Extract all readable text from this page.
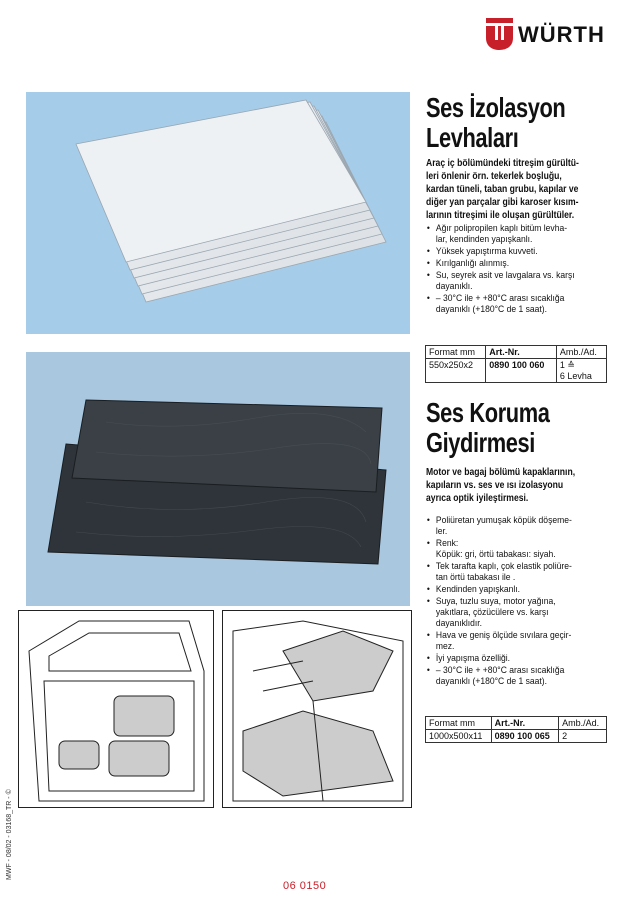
WÜRTH
Ses İzolasyon
Levhaları
Araç iç bölümündeki titreşim gürültü-
leri önlenir örn. tekerlek boşluğu,
kardan tüneli, taban grubu, kapılar ve
diğer yan parçalar gibi karoser kısım-
larının titreşimi ile oluşan gürültüler.
• Ağır polipropilen kaplı bitüm levha-
lar, kendinden yapışkanlı.
• Yüksek yapıştırma kuvveti.
• Kırılganlığı alınmış.
• Su, seyrek asit ve lavgalara vs. karşı
dayanıklı.
• – 30°C ile + +80°C arası sıcaklığa
dayanıklı (+180°C de 1 saat).
Format mm	Art.-Nr.	Amb./Ad.
550x250x2	0890 100 060	1 ≙
6 Levha
Ses Koruma
Giydirmesi
Motor ve bagaj bölümü kapaklarının,
kapıların vs. ses ve ısı izolasyonu
ayrıca optik iyileştirmesi.
• Poliüretan yumuşak köpük döşeme-
ler.
• Renk:
Köpük: gri, örtü tabakası: siyah.
• Tek tarafta kaplı, çok elastik poliüre-
tan örtü tabakası ile .
• Kendinden yapışkanlı.
• Suya, tuzlu suya, motor yağına,
yakıtlara, çözücülere vs. karşı
dayanıklıdır.
• Hava ve geniş ölçüde sıvılara geçir-
mez.
• İyi yapışma özelliği.
• – 30°C ile + +80°C arası sıcaklığa
dayanıklı (+180°C de 1 saat).
Format mm	Art.-Nr.	Amb./Ad.
1000x500x11	0890 100 065	2
06 0150
MWF - 08/02 - 03168_TR - ©
